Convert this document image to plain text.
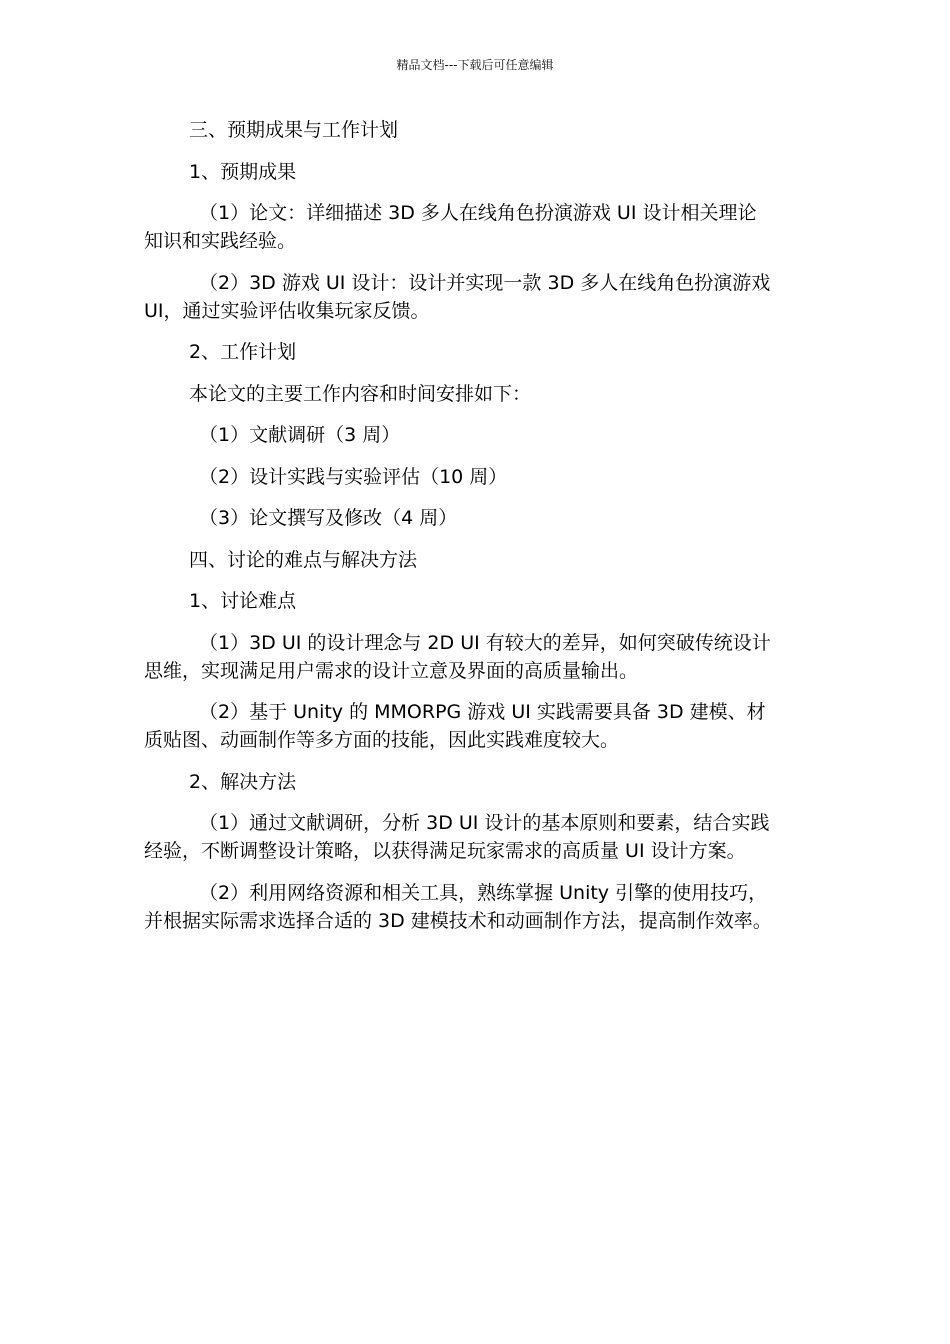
精品文档---下载后可任意编辑

三、预期成果与工作计划

1、预期成果

（1）论文：详细描述 3D 多人在线角色扮演游戏 UI 设计相关理论
知识和实践经验。

（2）3D 游戏 UI 设计：设计并实现一款 3D 多人在线角色扮演游戏
UI，通过实验评估收集玩家反馈。

2、工作计划

本论文的主要工作内容和时间安排如下：

（1）文献调研（3 周）

（2）设计实践与实验评估（10 周）

（3）论文撰写及修改（4 周）

四、讨论的难点与解决方法

1、讨论难点

（1）3D UI 的设计理念与 2D UI 有较大的差异，如何突破传统设计
思维，实现满足用户需求的设计立意及界面的高质量输出。

（2）基于 Unity 的 MMORPG 游戏 UI 实践需要具备 3D 建模、材
质贴图、动画制作等多方面的技能，因此实践难度较大。

2、解决方法

（1）通过文献调研，分析 3D UI 设计的基本原则和要素，结合实践
经验，不断调整设计策略，以获得满足玩家需求的高质量 UI 设计方案。

（2）利用网络资源和相关工具，熟练掌握 Unity 引擎的使用技巧，
并根据实际需求选择合适的 3D 建模技术和动画制作方法，提高制作效率。
